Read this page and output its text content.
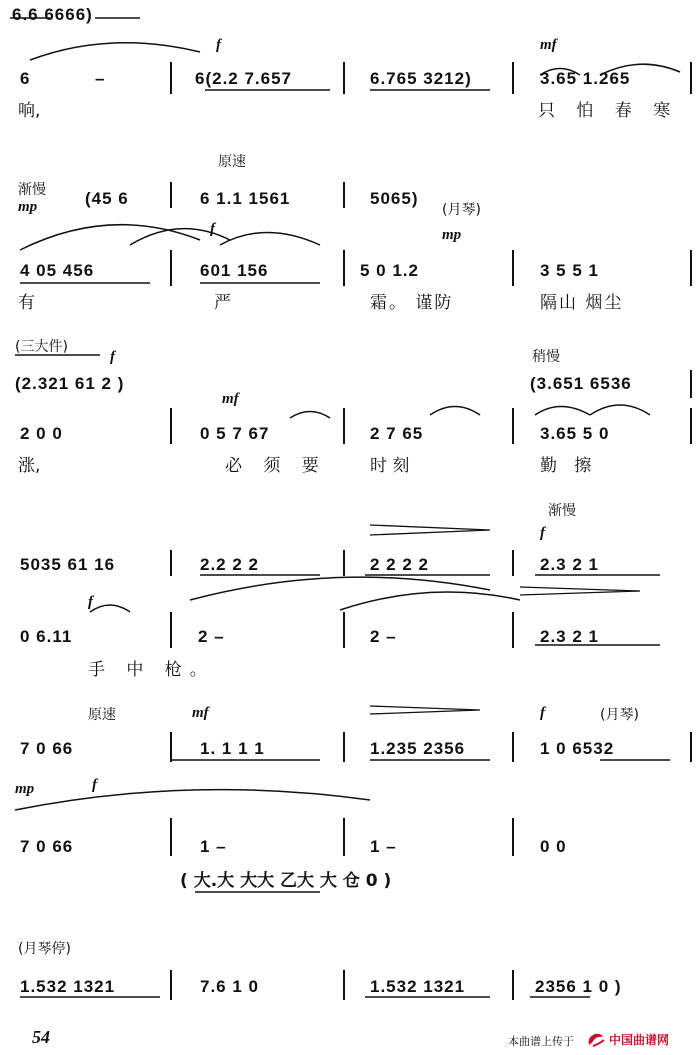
6.6 6666)
f	mf
6	–	6(2.2 7.657	6.765 3212)	3.65 1.265
响,	只 怕 春 寒
原速
渐慢
mp	(45 6	6 1.1 1561	5065)
(月琴)
f	mp
4 05 456	601 156	5 0 1.2	3 5 5 1
有	严	霜。 谨防	隔山 烟尘
(三大件)
f	稍慢
(2.321 61 2 )	(3.651 6536
mf
2 0 0	0 5 7 67	2 7 65	3.65 5 0
涨,	必 须 要	时 刻	勤 擦
渐慢
f
5035 61 16	2.2 2 2	2 2 2 2	2.3 2 1
f
0 6.11	2 –	2 –	2.3 2 1
手 中 枪。
原速	mf	f	(月琴)
7 0 66	1. 1 1 1	1.235 2356	1 0 6532
mp	f
7 0 66	1 –	1 –	0 0
( 大.大 大大 乙大 大 仓 0 )
(月琴停)
1.532 1321	7.6 1 0	1.532 1321	2356 1 0 )
54	本曲谱上传于	中国曲谱网
